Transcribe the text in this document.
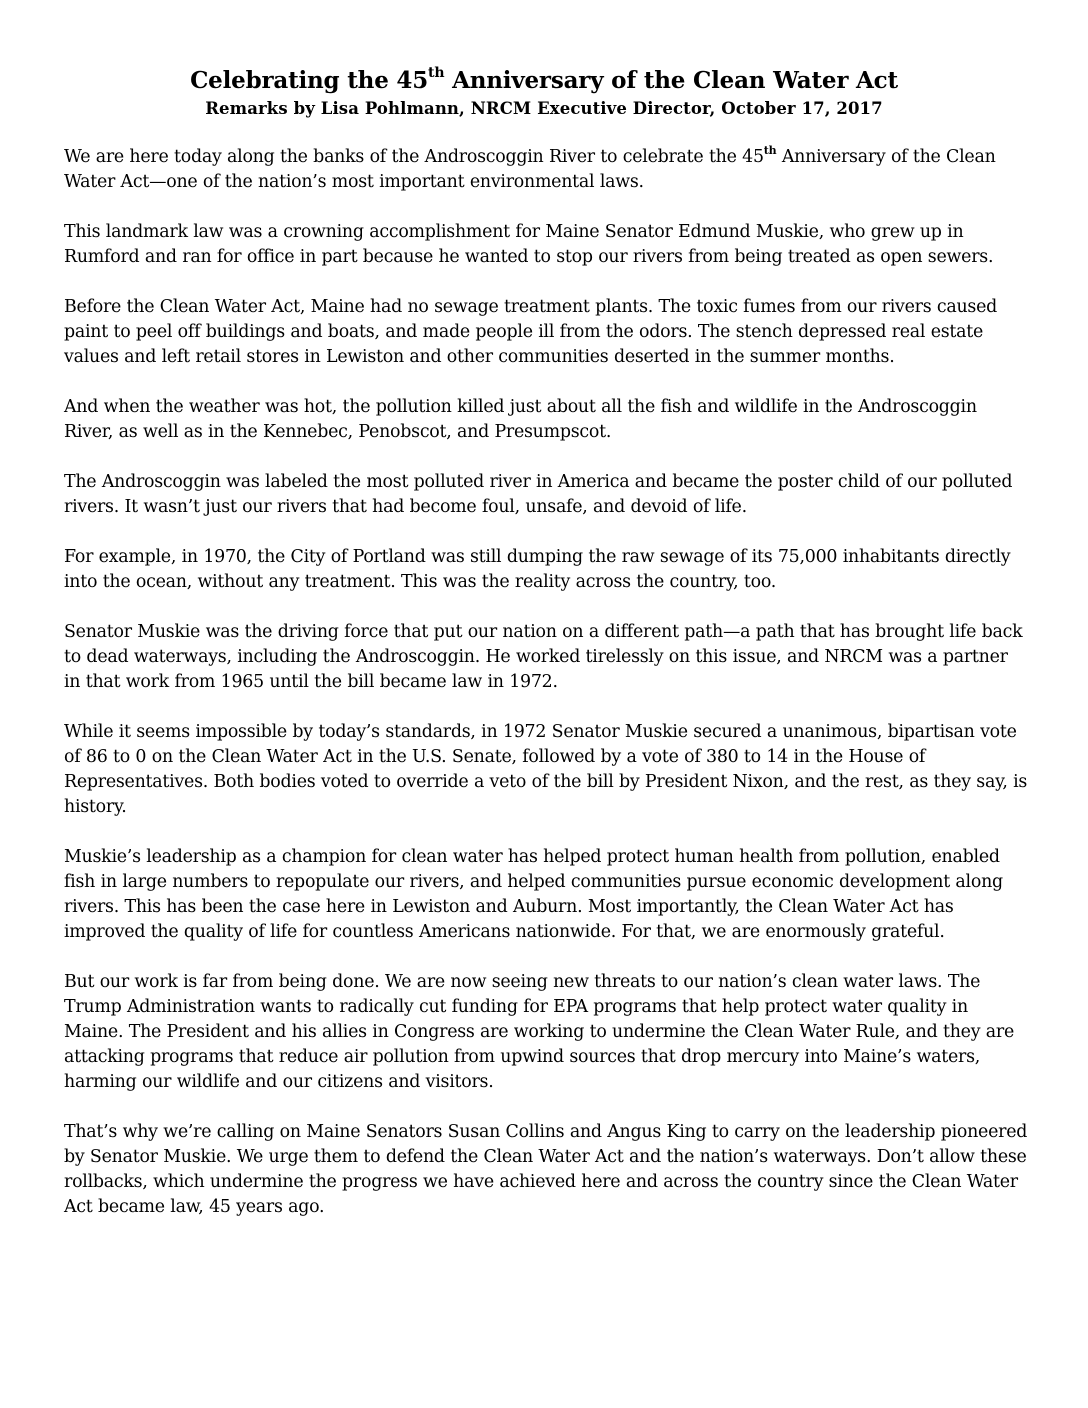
Celebrating the 45th Anniversary of the Clean Water Act

Remarks by Lisa Pohlmann, NRCM Executive Director, October 17, 2017

We are here today along the banks of the Androscoggin River to celebrate the 45th Anniversary of the Clean Water Act—one of the nation’s most important environmental laws.

This landmark law was a crowning accomplishment for Maine Senator Edmund Muskie, who grew up in Rumford and ran for office in part because he wanted to stop our rivers from being treated as open sewers.

Before the Clean Water Act, Maine had no sewage treatment plants. The toxic fumes from our rivers caused paint to peel off buildings and boats, and made people ill from the odors. The stench depressed real estate values and left retail stores in Lewiston and other communities deserted in the summer months.

And when the weather was hot, the pollution killed just about all the fish and wildlife in the Androscoggin River, as well as in the Kennebec, Penobscot, and Presumpscot.

The Androscoggin was labeled the most polluted river in America and became the poster child of our polluted rivers. It wasn’t just our rivers that had become foul, unsafe, and devoid of life.

For example, in 1970, the City of Portland was still dumping the raw sewage of its 75,000 inhabitants directly into the ocean, without any treatment. This was the reality across the country, too.

Senator Muskie was the driving force that put our nation on a different path—a path that has brought life back to dead waterways, including the Androscoggin. He worked tirelessly on this issue, and NRCM was a partner in that work from 1965 until the bill became law in 1972.

While it seems impossible by today’s standards, in 1972 Senator Muskie secured a unanimous, bipartisan vote of 86 to 0 on the Clean Water Act in the U.S. Senate, followed by a vote of 380 to 14 in the House of Representatives. Both bodies voted to override a veto of the bill by President Nixon, and the rest, as they say, is history.

Muskie’s leadership as a champion for clean water has helped protect human health from pollution, enabled fish in large numbers to repopulate our rivers, and helped communities pursue economic development along rivers. This has been the case here in Lewiston and Auburn. Most importantly, the Clean Water Act has improved the quality of life for countless Americans nationwide. For that, we are enormously grateful.

But our work is far from being done. We are now seeing new threats to our nation’s clean water laws. The Trump Administration wants to radically cut funding for EPA programs that help protect water quality in Maine. The President and his allies in Congress are working to undermine the Clean Water Rule, and they are attacking programs that reduce air pollution from upwind sources that drop mercury into Maine’s waters, harming our wildlife and our citizens and visitors.

That’s why we’re calling on Maine Senators Susan Collins and Angus King to carry on the leadership pioneered by Senator Muskie. We urge them to defend the Clean Water Act and the nation’s waterways. Don’t allow these rollbacks, which undermine the progress we have achieved here and across the country since the Clean Water Act became law, 45 years ago.
